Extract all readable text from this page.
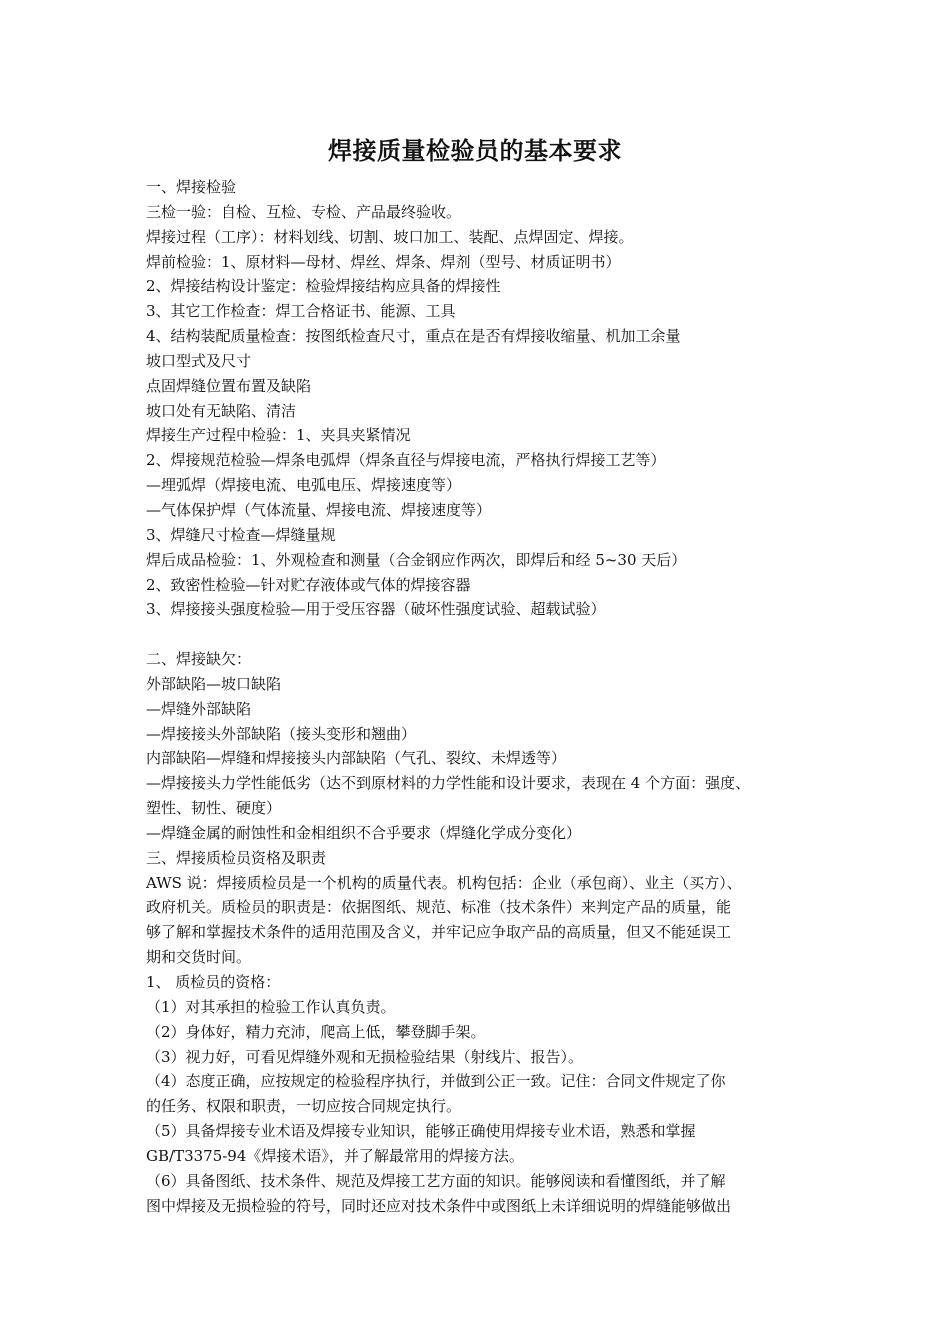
焊接质量检验员的基本要求
一、焊接检验
三检一验：自检、互检、专检、产品最终验收。
焊接过程（工序）：材料划线、切割、坡口加工、装配、点焊固定、焊接。
焊前检验：1、原材料—母材、焊丝、焊条、焊剂（型号、材质证明书）
2、焊接结构设计鉴定：检验焊接结构应具备的焊接性
3、其它工作检查：焊工合格证书、能源、工具
4、结构装配质量检查：按图纸检查尺寸，重点在是否有焊接收缩量、机加工余量
坡口型式及尺寸
点固焊缝位置布置及缺陷
坡口处有无缺陷、清洁
焊接生产过程中检验：1、夹具夹紧情况
2、焊接规范检验—焊条电弧焊（焊条直径与焊接电流，严格执行焊接工艺等）
—埋弧焊（焊接电流、电弧电压、焊接速度等）
—气体保护焊（气体流量、焊接电流、焊接速度等）
3、焊缝尺寸检查—焊缝量规
焊后成品检验：1、外观检查和测量（合金钢应作两次，即焊后和经 5~30 天后）
2、致密性检验—针对贮存液体或气体的焊接容器
3、焊接接头强度检验—用于受压容器（破坏性强度试验、超载试验）
二、焊接缺欠：
外部缺陷—坡口缺陷
—焊缝外部缺陷
—焊接接头外部缺陷（接头变形和翘曲）
内部缺陷—焊缝和焊接接头内部缺陷（气孔、裂纹、未焊透等）
—焊接接头力学性能低劣（达不到原材料的力学性能和设计要求，表现在 4 个方面：强度、
塑性、韧性、硬度）
—焊缝金属的耐蚀性和金相组织不合乎要求（焊缝化学成分变化）
三、焊接质检员资格及职责
AWS 说：焊接质检员是一个机构的质量代表。机构包括：企业（承包商）、业主（买方）、
政府机关。质检员的职责是：依据图纸、规范、标准（技术条件）来判定产品的质量，能
够了解和掌握技术条件的适用范围及含义，并牢记应争取产品的高质量，但又不能延误工
期和交货时间。
1、 质检员的资格：
（1）对其承担的检验工作认真负责。
（2）身体好，精力充沛，爬高上低，攀登脚手架。
（3）视力好，可看见焊缝外观和无损检验结果（射线片、报告）。
（4）态度正确，应按规定的检验程序执行，并做到公正一致。记住：合同文件规定了你
的任务、权限和职责，一切应按合同规定执行。
（5）具备焊接专业术语及焊接专业知识，能够正确使用焊接专业术语，熟悉和掌握
GB/T3375-94《焊接术语》，并了解最常用的焊接方法。
（6）具备图纸、技术条件、规范及焊接工艺方面的知识。能够阅读和看懂图纸，并了解
图中焊接及无损检验的符号，同时还应对技术条件中或图纸上未详细说明的焊缝能够做出
